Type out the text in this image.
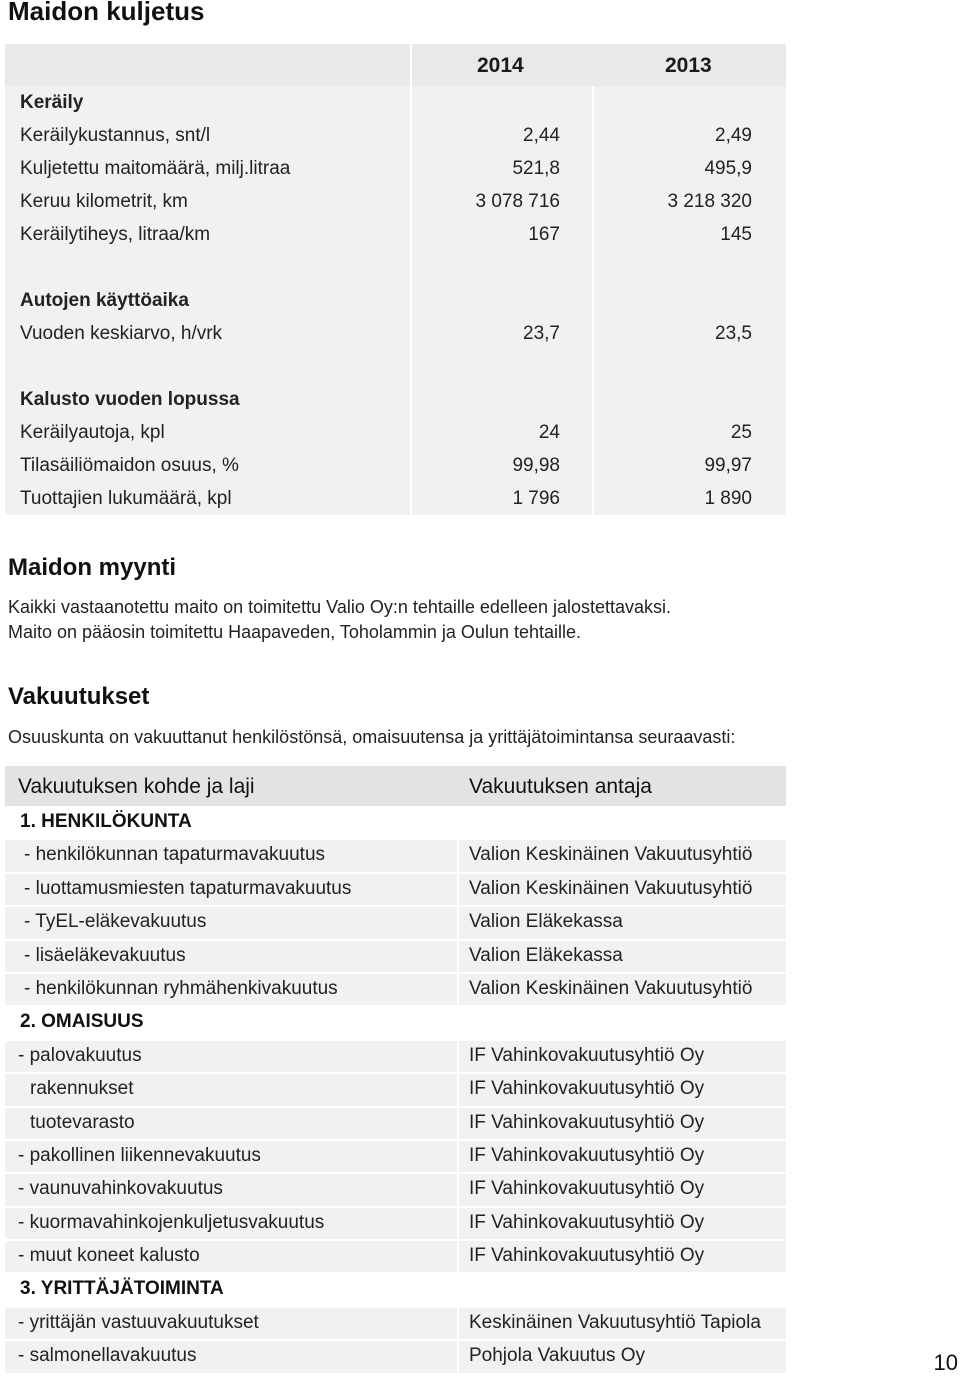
Maidon kuljetus
2014	2013
Keräily
Keräilykustannus, snt/l	2,44	2,49
Kuljetettu maitomäärä, milj.litraa	521,8	495,9
Keruu kilometrit, km	3 078 716	3 218 320
Keräilytiheys, litraa/km	167	145
Autojen käyttöaika
Vuoden keskiarvo, h/vrk	23,7	23,5
Kalusto vuoden lopussa
Keräilyautoja, kpl	24	25
Tilasäiliömaidon osuus, %	99,98	99,97
Tuottajien lukumäärä, kpl	1 796	1 890
Maidon myynti
Kaikki vastaanotettu maito on toimitettu Valio Oy:n tehtaille edelleen jalostettavaksi.
Maito on pääosin toimitettu Haapaveden, Toholammin ja Oulun tehtaille.
Vakuutukset
Osuuskunta on vakuuttanut henkilöstönsä, omaisuutensa ja yrittäjätoimintansa seuraavasti:
Vakuutuksen kohde ja laji	Vakuutuksen antaja
1. HENKILÖKUNTA
- henkilökunnan tapaturmavakuutus	Valion Keskinäinen Vakuutusyhtiö
- luottamusmiesten tapaturmavakuutus	Valion Keskinäinen Vakuutusyhtiö
- TyEL-eläkevakuutus	Valion Eläkekassa
- lisäeläkevakuutus	Valion Eläkekassa
- henkilökunnan ryhmähenkivakuutus	Valion Keskinäinen Vakuutusyhtiö
2. OMAISUUS
- palovakuutus	IF Vahinkovakuutusyhtiö Oy
rakennukset	IF Vahinkovakuutusyhtiö Oy
tuotevarasto	IF Vahinkovakuutusyhtiö Oy
- pakollinen liikennevakuutus	IF Vahinkovakuutusyhtiö Oy
- vaunuvahinkovakuutus	IF Vahinkovakuutusyhtiö Oy
- kuormavahinkojenkuljetusvakuutus	IF Vahinkovakuutusyhtiö Oy
- muut koneet kalusto	IF Vahinkovakuutusyhtiö Oy
3. YRITTÄJÄTOIMINTA
- yrittäjän vastuuvakuutukset	Keskinäinen Vakuutusyhtiö Tapiola
- salmonellavakuutus	Pohjola Vakuutus Oy	10
